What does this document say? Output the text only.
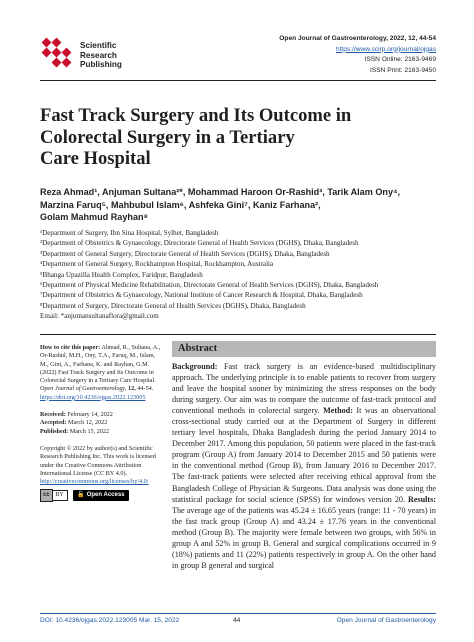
Scientific
Research
Publishing
Open Journal of Gastroenterology, 2022, 12, 44-54
https://www.scirp.org/journal/ojgas
ISSN Online: 2163-9469
ISSN Print: 2163-9450
Fast Track Surgery and Its Outcome in
Colorectal Surgery in a Tertiary
Care Hospital
Reza Ahmad¹, Anjuman Sultana²*, Mohammad Haroon Or-Rashid³, Tarik Alam Ony⁴,
Marzina Faruq⁵, Mahbubul Islam⁶, Ashfeka Gini⁷, Kaniz Farhana²,
Golam Mahmud Rayhan⁸
¹Department of Surgery, Ibn Sina Hospital, Sylhet, Bangladesh
²Department of Obstetrics & Gynaecology, Directorate General of Health Services (DGHS), Dhaka, Bangladesh
³Department of General Surgery, Directorate General of Health Services (DGHS), Dhaka, Bangladesh
⁴Department of General Surgery, Rockhampton Hospital, Rockhampton, Australia
⁵Bhanga Upazilla Health Complex, Faridpur, Bangladesh
⁶Department of Physical Medicine Rehabilitation, Directorate General of Health Services (DGHS), Dhaka, Bangladesh
⁷Department of Obstetrics & Gynaecology, National Institute of Cancer Research & Hospital, Dhaka, Bangladesh
⁸Department of Surgery, Directorate General of Health Services (DGHS), Dhaka, Bangladesh
Email: *anjumansultanaflora@gmail.com
How to cite this paper: Ahmad, R., Sultana, A., Or-Rashid, M.H., Ony, T.A., Faruq, M., Islam, M., Gini, A., Farhana, K. and Rayhan, G.M. (2022) Fast Track Surgery and Its Outcome in Colorectal Surgery in a Tertiary Care Hospital. Open Journal of Gastroenterology, 12, 44-54. https://doi.org/10.4236/ojgas.2022.123005
Received: February 14, 2022
Accepted: March 12, 2022
Published: March 15, 2022
Copyright © 2022 by author(s) and Scientific Research Publishing Inc. This work is licensed under the Creative Commons Attribution International License (CC BY 4.0).
http://creativecommons.org/licenses/by/4.0/
cc BY
	🔓 Open Access
Abstract
Background: Fast track surgery is an evidence-based multidisciplinary approach. The underlying principle is to enable patients to recover from surgery and leave the hospital sooner by minimizing the stress responses on the body during surgery. Our aim was to compare the outcome of fast-track protocol and conventional methods in colorectal surgery. Method: It was an observational cross-sectional study carried out at the Department of Surgery in different tertiary level hospitals, Dhaka Bangladesh during the period January 2014 to December 2017. Among this population, 50 patients were placed in the fast-track program (Group A) from January 2014 to December 2015 and 50 patients were in the conventional method (Group B), from January 2016 to December 2017. The fast-track patients were selected after receiving ethical approval from the Bangladesh College of Physician & Surgeons. Data analysis was done using the statistical package for social science (SPSS) for windows version 20. Results: The average age of the patients was 45.24 ± 16.65 years (range: 11 - 70 years) in the fast track group (Group A) and 43.24 ± 17.76 years in the conventional method (Group B). The majority were female between two groups, with 56% in group A and 52% in group B. General and surgical complications occurred in 9 (18%) patients and 11 (22%) patients respectively in group A. On the other hand in group B general and surgical
DOI: 10.4236/ojgas.2022.123005 Mar. 15, 2022	44	Open Journal of Gastroenterology
